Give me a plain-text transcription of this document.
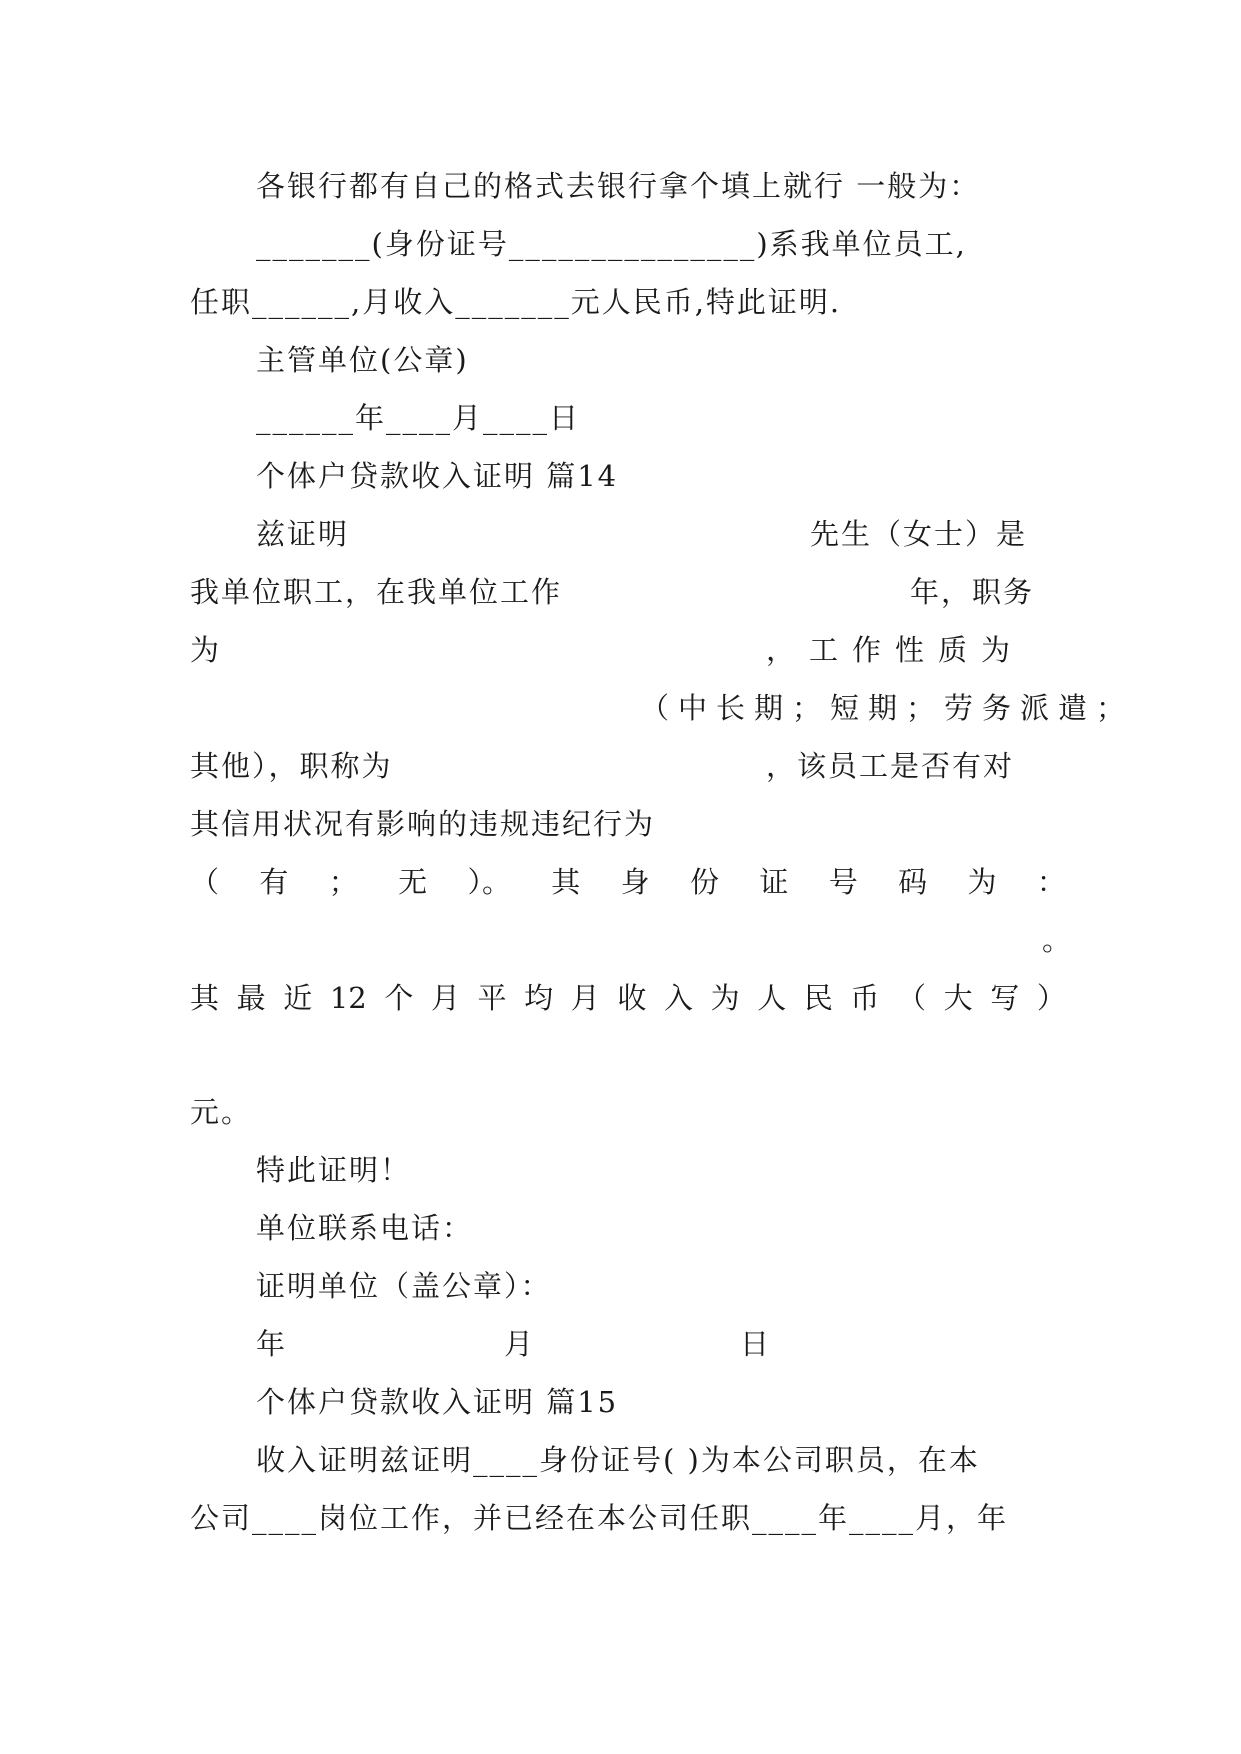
各银行都有自己的格式去银行拿个填上就行 一般为：
_______(身份证号_______________)系我单位员工,
任职______,月收入_______元人民币,特此证明.
主管单位(公章)
______年____月____日
个体户贷款收入证明 篇14
兹证明	先生（女士）是
我单位职工，在我单位工作	年，职务
为	，工作性质为
（中长期；短期；劳务派遣；
其他），职称为	，该员工是否有对
其信用状况有影响的违规违纪行为
（ 有 ； 无 ）。 其 身 份 证 号 码 为 ：
。
其 最 近 12 个 月 平 均 月 收 入 为 人 民 币 （ 大 写 ）
元。
特此证明！
单位联系电话：
证明单位（盖公章）：
年	月	日
个体户贷款收入证明 篇15
收入证明兹证明____身份证号( )为本公司职员，在本
公司____岗位工作，并已经在本公司任职____年____月，年
